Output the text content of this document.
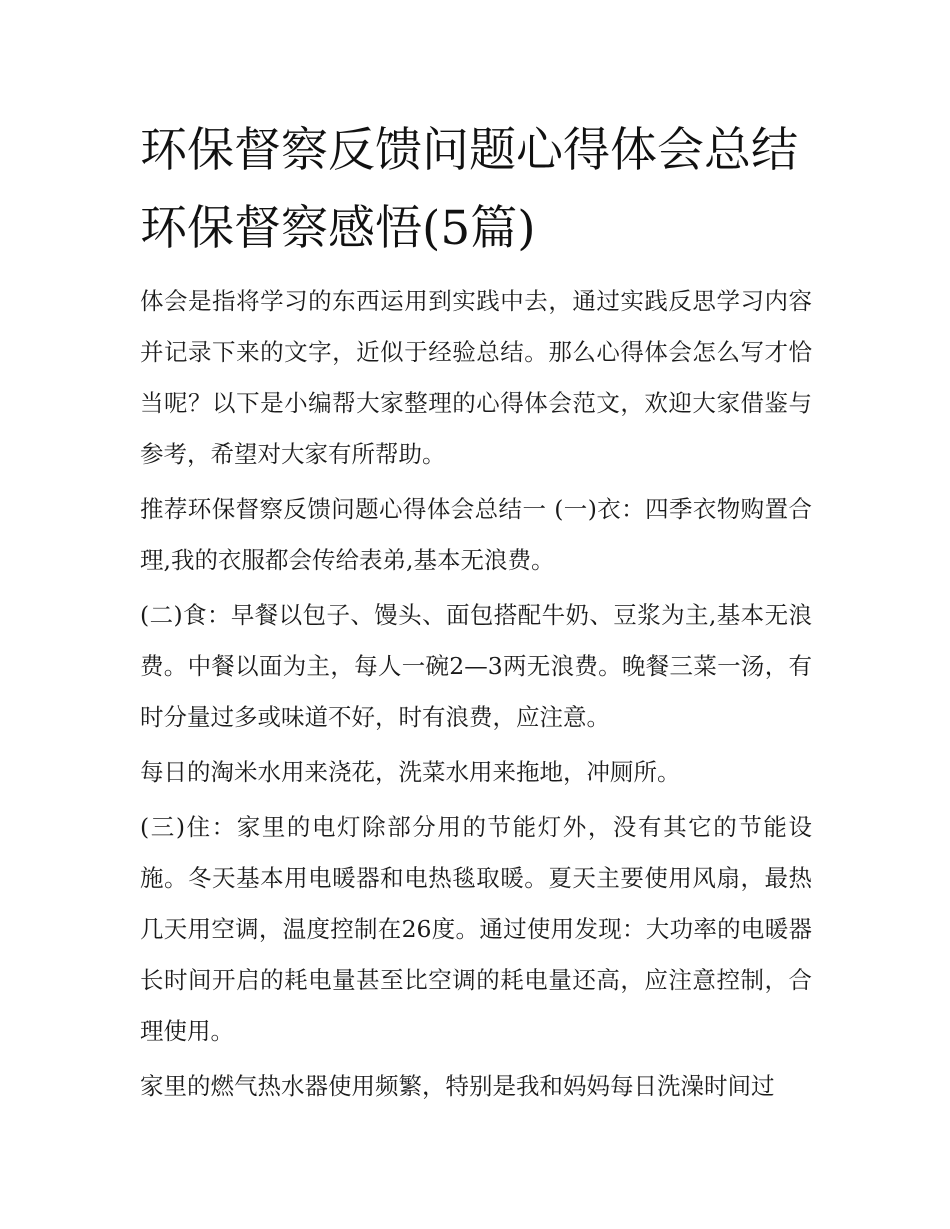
环保督察反馈问题心得体会总结 环保督察感悟(5篇)

体会是指将学习的东西运用到实践中去，通过实践反思学习内容并记录下来的文字，近似于经验总结。那么心得体会怎么写才恰当呢？以下是小编帮大家整理的心得体会范文，欢迎大家借鉴与参考，希望对大家有所帮助。

推荐环保督察反馈问题心得体会总结一 (一)衣：四季衣物购置合理,我的衣服都会传给表弟,基本无浪费。

(二)食：早餐以包子、馒头、面包搭配牛奶、豆浆为主,基本无浪费。中餐以面为主，每人一碗2—3两无浪费。晚餐三菜一汤，有时分量过多或味道不好，时有浪费，应注意。

每日的淘米水用来浇花，洗菜水用来拖地，冲厕所。

(三)住：家里的电灯除部分用的节能灯外，没有其它的节能设施。冬天基本用电暖器和电热毯取暖。夏天主要使用风扇，最热几天用空调，温度控制在26度。通过使用发现：大功率的电暖器长时间开启的耗电量甚至比空调的耗电量还高，应注意控制，合理使用。

家里的燃气热水器使用频繁，特别是我和妈妈每日洗澡时间过
